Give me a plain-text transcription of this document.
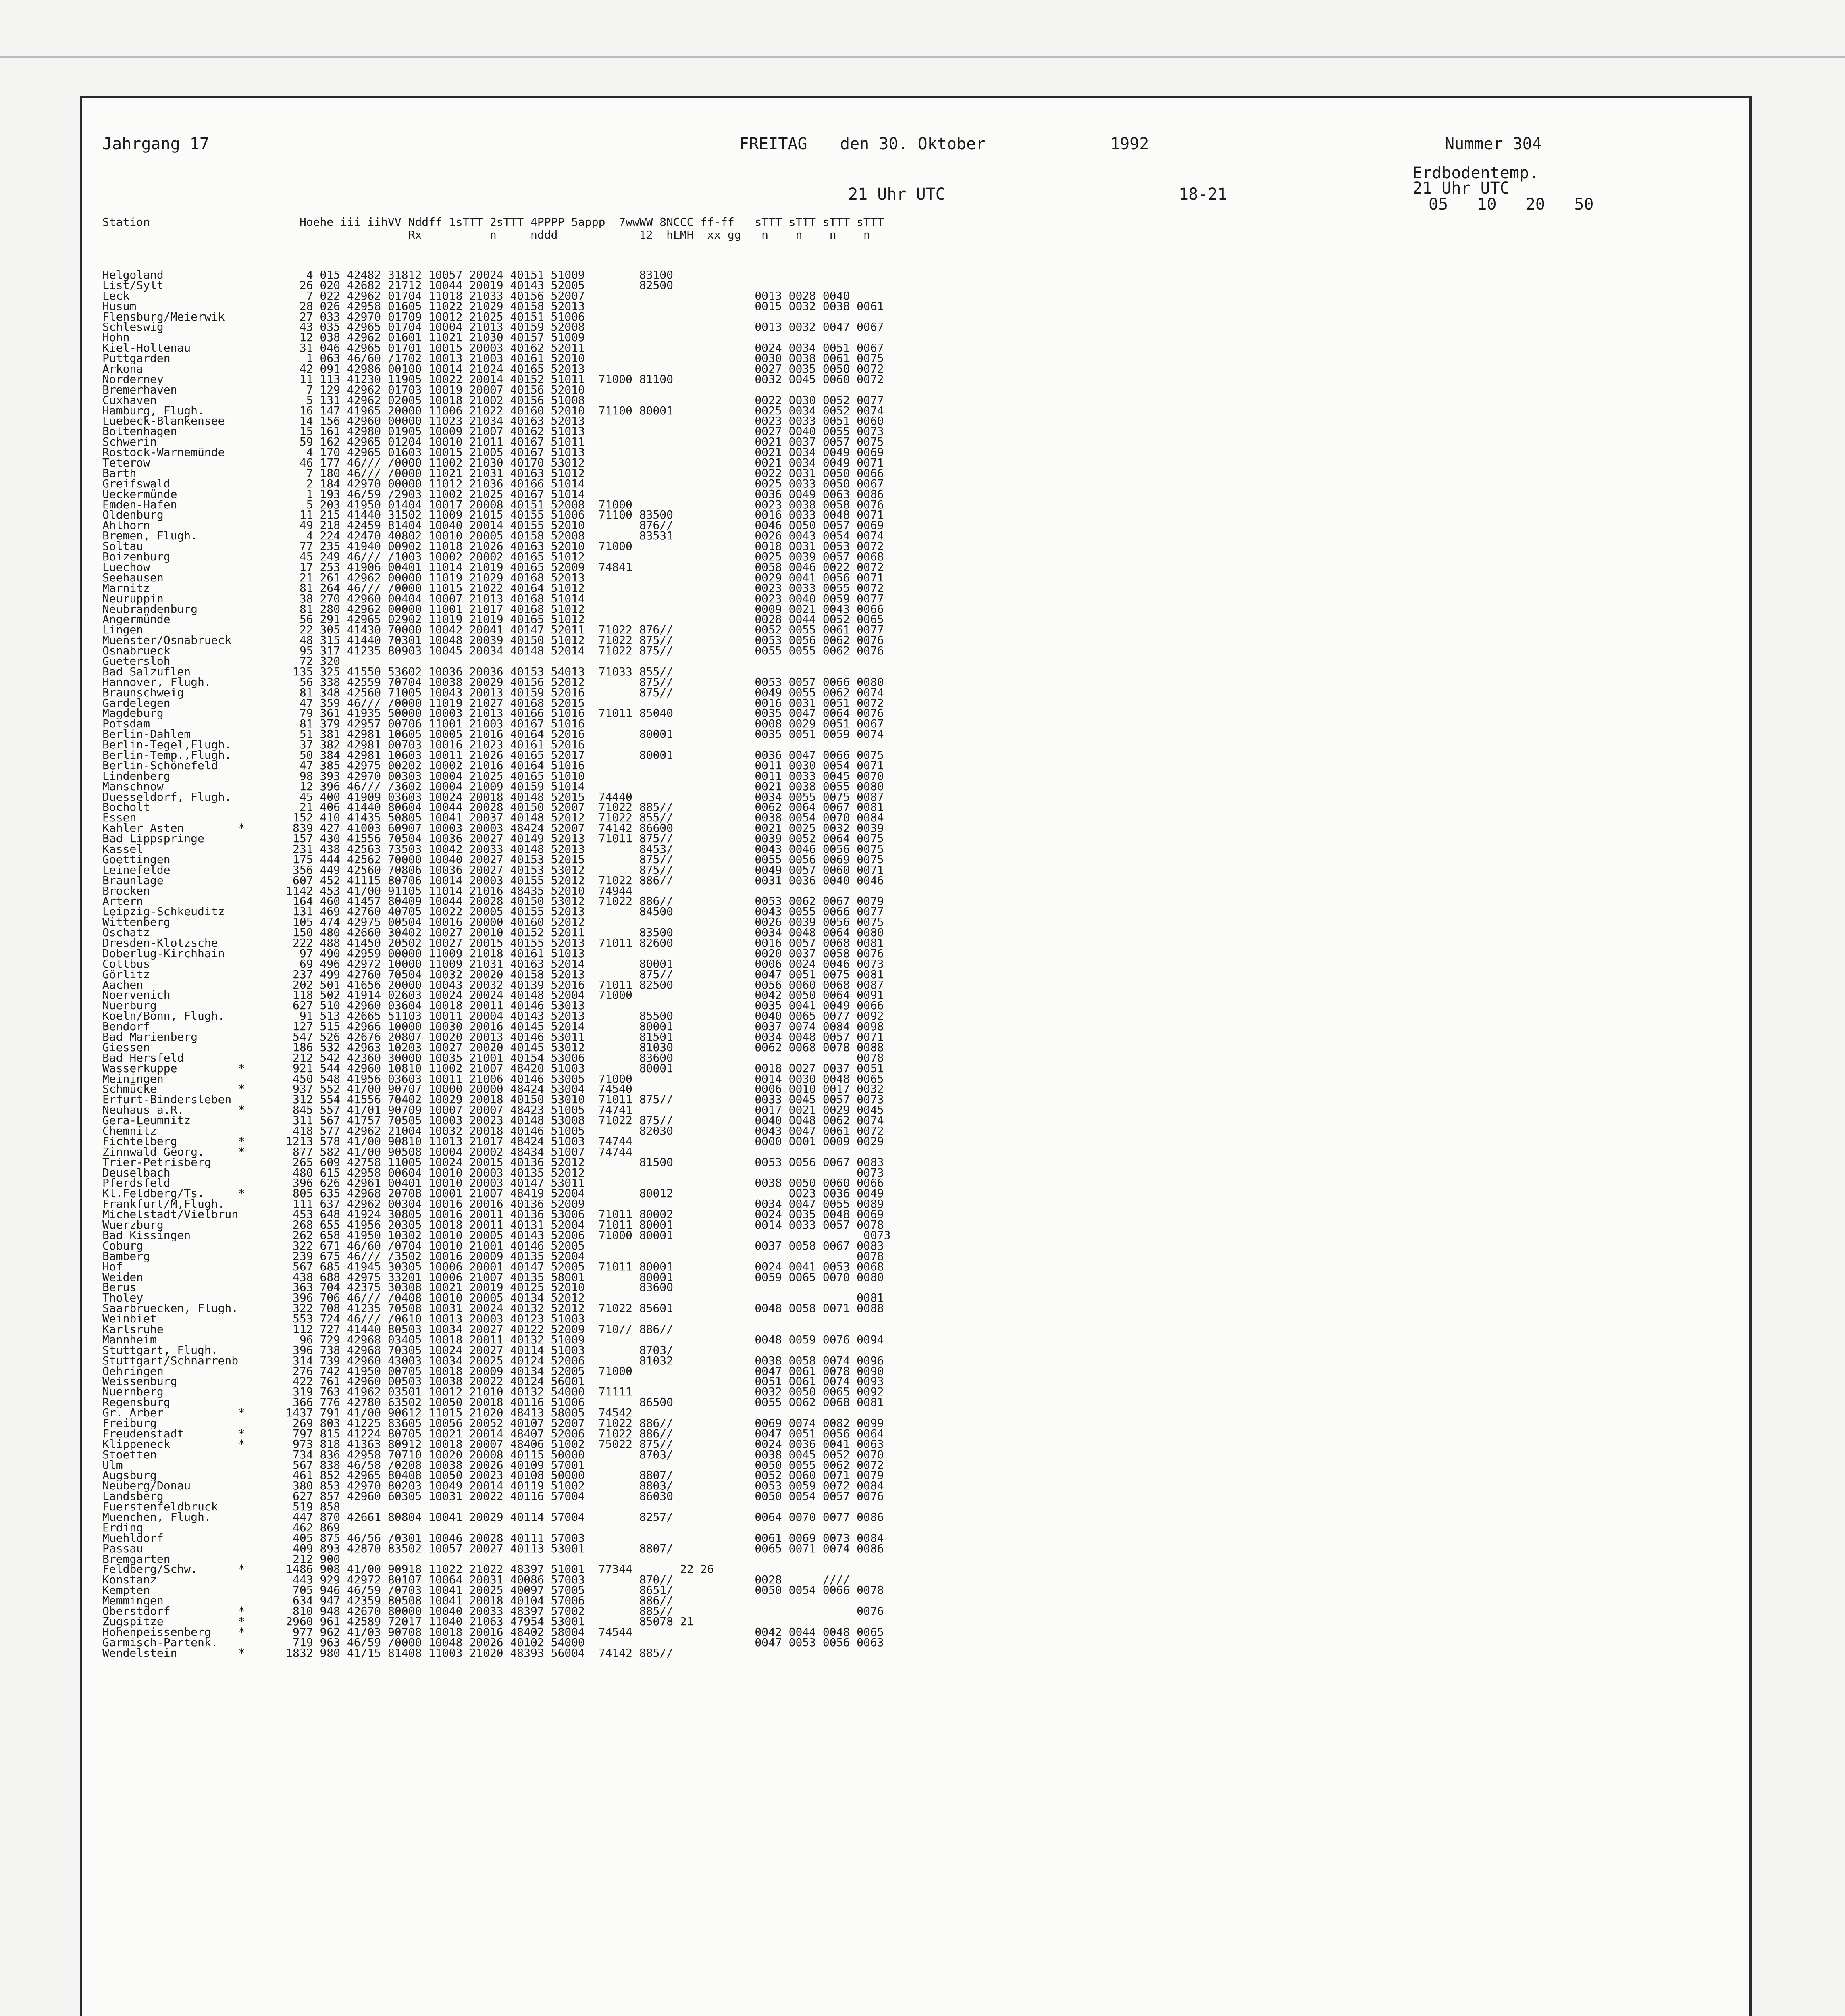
Jahrgang 17	FREITAG den 30. Oktober	1992	Nummer 304
Erdbodentemp.
21 Uhr UTC
21 Uhr UTC	18-21
05   10   20   50
Station                      Hoehe iii iihVV Nddff 1sTTT 2sTTT 4PPPP 5appp  7wwWW 8NCCC ff-ff   sTTT sTTT sTTT sTTT
Rx          n     nddd            12  hLMH  xx gg   n    n    n    n
Helgoland                     4 015 42482 31812 10057 20024 40151 51009        83100
List/Sylt                    26 020 42682 21712 10044 20019 40143 52005        82500
Leck                          7 022 42962 01704 11018 21033 40156 52007                         0013 0028 0040
Husum                        28 026 42958 01605 11022 21029 40158 52013                         0015 0032 0038 0061
Flensburg/Meierwik           27 033 42970 01709 10012 21025 40151 51006
Schleswig                    43 035 42965 01704 10004 21013 40159 52008                         0013 0032 0047 0067
Hohn                         12 038 42962 01601 11021 21030 40157 51009
Kiel-Holtenau                31 046 42965 01701 10015 20003 40162 52011                         0024 0034 0051 0067
Puttgarden                    1 063 46/60 /1702 10013 21003 40161 52010                         0030 0038 0061 0075
Arkona                       42 091 42986 00100 10014 21024 40165 52013                         0027 0035 0050 0072
Norderney                    11 113 41230 11905 10022 20014 40152 51011  71000 81100            0032 0045 0060 0072
Bremerhaven                   7 129 42962 01703 10019 20007 40156 52010
Cuxhaven                      5 131 42962 02005 10018 21002 40156 51008                         0022 0030 0052 0077
Hamburg, Flugh.              16 147 41965 20000 11006 21022 40160 52010  71100 80001            0025 0034 0052 0074
Luebeck-Blankensee           14 156 42960 00000 11023 21034 40163 52013                         0023 0033 0051 0060
Boltenhagen                  15 161 42980 01905 10009 21007 40162 51013                         0027 0040 0055 0073
Schwerin                     59 162 42965 01204 10010 21011 40167 51011                         0021 0037 0057 0075
Rostock-Warnemünde            4 170 42965 01603 10015 21005 40167 51013                         0021 0034 0049 0069
Teterow                      46 177 46/// /0000 11002 21030 40170 53012                         0021 0034 0049 0071
Barth                         7 180 46/// /0000 11021 21031 40163 51012                         0022 0031 0050 0066
Greifswald                    2 184 42970 00000 11012 21036 40166 51014                         0025 0033 0050 0067
Ueckermünde                   1 193 46/59 /2903 11002 21025 40167 51014                         0036 0049 0063 0086
Emden-Hafen                   5 203 41950 01404 10017 20008 40151 52008  71000                  0023 0038 0058 0076
Oldenburg                    11 215 41440 31502 11009 21015 40155 51006  71100 83500            0016 0033 0048 0071
Ahlhorn                      49 218 42459 81404 10040 20014 40155 52010        876//            0046 0050 0057 0069
Bremen, Flugh.                4 224 42470 40802 10010 20005 40158 52008        83531            0026 0043 0054 0074
Soltau                       77 235 41940 00902 11018 21026 40163 52010  71000                  0018 0031 0053 0072
Boizenburg                   45 249 46/// /1003 10002 20002 40165 51012                         0025 0039 0057 0068
Luechow                      17 253 41906 00401 11014 21019 40165 52009  74841                  0058 0046 0022 0072
Seehausen                    21 261 42962 00000 11019 21029 40168 52013                         0029 0041 0056 0071
Marnitz                      81 264 46/// /0000 11015 21022 40164 51012                         0023 0033 0055 0072
Neuruppin                    38 270 42960 00404 10007 21013 40168 51014                         0023 0040 0059 0077
Neubrandenburg               81 280 42962 00000 11001 21017 40168 51012                         0009 0021 0043 0066
Angermünde                   56 291 42965 02902 11019 21019 40165 51012                         0028 0044 0052 0065
Lingen                       22 305 41430 70000 10042 20041 40147 52011  71022 876//            0052 0055 0061 0077
Muenster/Osnabrueck          48 315 41440 70301 10048 20039 40150 51012  71022 875//            0053 0056 0062 0076
Osnabrueck                   95 317 41235 80903 10045 20034 40148 52014  71022 875//            0055 0055 0062 0076
Guetersloh                   72 320
Bad Salzuflen               135 325 41550 53602 10036 20036 40153 54013  71033 855//
Hannover, Flugh.             56 338 42559 70704 10038 20029 40156 52012        875//            0053 0057 0066 0080
Braunschweig                 81 348 42560 71005 10043 20013 40159 52016        875//            0049 0055 0062 0074
Gardelegen                   47 359 46/// /0000 11019 21027 40168 52015                         0016 0031 0051 0072
Magdeburg                    79 361 41935 50000 10003 21013 40166 51016  71011 85040            0035 0047 0064 0076
Potsdam                      81 379 42957 00706 11001 21003 40167 51016                         0008 0029 0051 0067
Berlin-Dahlem                51 381 42981 10605 10005 21016 40164 52016        80001            0035 0051 0059 0074
Berlin-Tegel,Flugh.          37 382 42981 00703 10016 21023 40161 52016
Berlin-Temp.,Flugh.          50 384 42981 10603 10011 21026 40165 52017        80001            0036 0047 0066 0075
Berlin-Schönefeld            47 385 42975 00202 10002 21016 40164 51016                         0011 0030 0054 0071
Lindenberg                   98 393 42970 00303 10004 21025 40165 51010                         0011 0033 0045 0070
Manschnow                    12 396 46/// /3602 10004 21009 40159 51014                         0021 0038 0055 0080
Duesseldorf, Flugh.          45 400 41909 03603 10024 20018 40148 52015  74440                  0034 0055 0075 0087
Bocholt                      21 406 41440 80604 10044 20028 40150 52007  71022 885//            0062 0064 0067 0081
Essen                       152 410 41435 50805 10041 20037 40148 52012  71022 855//            0038 0054 0070 0084
Kahler Asten        *       839 427 41003 60907 10003 20003 48424 52007  74142 86600            0021 0025 0032 0039
Bad Lippspringe             157 430 41556 70504 10036 20027 40149 52013  71011 875//            0039 0052 0064 0075
Kassel                      231 438 42563 73503 10042 20033 40148 52013        8453/            0043 0046 0056 0075
Goettingen                  175 444 42562 70000 10040 20027 40153 52015        875//            0055 0056 0069 0075
Leinefelde                  356 449 42560 70806 10036 20027 40153 53012        875//            0049 0057 0060 0071
Braunlage                   607 452 41115 80706 10014 20003 40155 52012  71022 886//            0031 0036 0040 0046
Brocken                    1142 453 41/00 91105 11014 21016 48435 52010  74944
Artern                      164 460 41457 80409 10044 20028 40150 53012  71022 886//            0053 0062 0067 0079
Leipzig-Schkeuditz          131 469 42760 40705 10022 20005 40155 52013        84500            0043 0055 0066 0077
Wittenberg                  105 474 42975 00504 10016 20000 40160 52012                         0026 0039 0056 0075
Oschatz                     150 480 42660 30402 10027 20010 40152 52011        83500            0034 0048 0064 0080
Dresden-Klotzsche           222 488 41450 20502 10027 20015 40155 52013  71011 82600            0016 0057 0068 0081
Doberlug-Kirchhain           97 490 42959 00000 11009 21018 40161 51013                         0020 0037 0058 0076
Cottbus                      69 496 42972 10000 11009 21031 40163 52014        80001            0006 0024 0046 0073
Görlitz                     237 499 42760 70504 10032 20020 40158 52013        875//            0047 0051 0075 0081
Aachen                      202 501 41656 20000 10043 20032 40139 52016  71011 82500            0056 0060 0068 0087
Noervenich                  118 502 41914 02603 10024 20024 40148 52004  71000                  0042 0050 0064 0091
Nuerburg                    627 510 42960 03604 10018 20011 40146 53013                         0035 0041 0049 0066
Koeln/Bonn, Flugh.           91 513 42665 51103 10011 20004 40143 52013        85500            0040 0065 0077 0092
Bendorf                     127 515 42966 10000 10030 20016 40145 52014        80001            0037 0074 0084 0098
Bad Marienberg              547 526 42676 20807 10020 20013 40146 53011        81501            0034 0048 0057 0071
Giessen                     186 532 42963 10203 10027 20020 40145 53012        81030            0062 0068 0078 0088
Bad Hersfeld                212 542 42360 30000 10035 21001 40154 53006        83600                           0078
Wasserkuppe         *       921 544 42960 10810 11002 21007 48420 51003        80001            0018 0027 0037 0051
Meiningen                   450 548 41956 03603 10011 21006 40146 53005  71000                  0014 0030 0048 0065
Schmücke            *       937 552 41/00 90707 10000 20000 48424 53004  74540                  0006 0010 0017 0032
Erfurt-Bindersleben         312 554 41556 70402 10029 20018 40150 53010  71011 875//            0033 0045 0057 0073
Neuhaus a.R.        *       845 557 41/01 90709 10007 20007 48423 51005  74741                  0017 0021 0029 0045
Gera-Leumnitz               311 567 41757 70505 10003 20023 40148 53008  71022 875//            0040 0048 0062 0074
Chemnitz                    418 577 42962 21004 10032 20018 40146 51005        82030            0043 0047 0061 0072
Fichtelberg         *      1213 578 41/00 90810 11013 21017 48424 51003  74744                  0000 0001 0009 0029
Zinnwald Georg.     *       877 582 41/00 90508 10004 20002 48434 51007  74744
Trier-Petrisberg            265 609 42758 11005 10024 20015 40136 52012        81500            0053 0056 0067 0083
Deuselbach                  480 615 42958 00604 10010 20003 40135 52012                                        0073
Pferdsfeld                  396 626 42961 00401 10010 20003 40147 53011                         0038 0050 0060 0066
Kl.Feldberg/Ts.     *       805 635 42968 20708 10001 21007 48419 52004        80012                 0023 0036 0049
Frankfurt/M,Flugh.          111 637 42962 00304 10016 20016 40136 52009                         0034 0047 0055 0089
Michelstadt/Vielbrun        453 648 41924 30805 10016 20011 40136 53006  71011 80002            0024 0035 0048 0069
Wuerzburg                   268 655 41956 20305 10018 20011 40131 52004  71011 80001            0014 0033 0057 0078
Bad Kissingen               262 658 41950 10302 10010 20005 40143 52006  71000 80001                            0073
Coburg                      322 671 46/60 /0704 10010 21001 40146 52005                         0037 0058 0067 0083
Bamberg                     239 675 46/// /3502 10016 20009 40135 52004                                        0078
Hof                         567 685 41945 30305 10006 20001 40147 52005  71011 80001            0024 0041 0053 0068
Weiden                      438 688 42975 33201 10006 21007 40135 58001        80001            0059 0065 0070 0080
Berus                       363 704 42375 30308 10021 20019 40125 52010        83600
Tholey                      396 706 46/// /0408 10010 20005 40134 52012                                        0081
Saarbruecken, Flugh.        322 708 41235 70508 10031 20024 40132 52012  71022 85601            0048 0058 0071 0088
Weinbiet                    553 724 46/// /0610 10013 20003 40123 51003
Karlsruhe                   112 727 41440 80503 10034 20027 40122 52009  710// 886//
Mannheim                     96 729 42968 03405 10018 20011 40132 51009                         0048 0059 0076 0094
Stuttgart, Flugh.           396 738 42968 70305 10024 20027 40114 51003        8703/
Stuttgart/Schnarrenb        314 739 42960 43003 10034 20025 40124 52006        81032            0038 0058 0074 0096
Oehringen                   276 742 41950 00705 10018 20009 40134 52005  71000                  0047 0061 0078 0090
Weissenburg                 422 761 42960 00503 10038 20022 40124 56001                         0051 0061 0074 0093
Nuernberg                   319 763 41962 03501 10012 21010 40132 54000  71111                  0032 0050 0065 0092
Regensburg                  366 776 42780 63502 10050 20018 40116 51006        86500            0055 0062 0068 0081
Gr. Arber           *      1437 791 41/00 90612 11015 21020 48413 58005  74542
Freiburg                    269 803 41225 83605 10056 20052 40107 52007  71022 886//            0069 0074 0082 0099
Freudenstadt        *       797 815 41224 80705 10021 20014 48407 52006  71022 886//            0047 0051 0056 0064
Klippeneck          *       973 818 41363 80912 10018 20007 48406 51002  75022 875//            0024 0036 0041 0063
Stoetten                    734 836 42958 70710 10020 20008 40115 50000        8703/            0038 0045 0052 0070
Ulm                         567 838 46/58 /0208 10038 20026 40109 57001                         0050 0055 0062 0072
Augsburg                    461 852 42965 80408 10050 20023 40108 50000        8807/            0052 0060 0071 0079
Neuberg/Donau               380 853 42970 80203 10049 20014 40119 51002        8803/            0053 0059 0072 0084
Landsberg                   627 857 42960 60305 10031 20022 40116 57004        86030            0050 0054 0057 0076
Fuerstenfeldbruck           519 858
Muenchen, Flugh.            447 870 42661 80804 10041 20029 40114 57004        8257/            0064 0070 0077 0086
Erding                      462 869
Muehldorf                   405 875 46/56 /0301 10046 20028 40111 57003                         0061 0069 0073 0084
Passau                      409 893 42870 83502 10057 20027 40113 53001        8807/            0065 0071 0074 0086
Bremgarten                  212 900
Feldberg/Schw.      *      1486 908 41/00 90918 11022 21022 48397 51001  77344       22 26
Konstanz                    443 929 42972 80107 10064 20031 40086 57003        870//            0028      ////
Kempten                     705 946 46/59 /0703 10041 20025 40097 57005        8651/            0050 0054 0066 0078
Memmingen                   634 947 42359 80508 10041 20018 40104 57006        886//
Oberstdorf          *       810 948 42670 80000 10040 20033 48397 57002        885//                           0076
Zugspitze           *      2960 961 42589 72017 11040 21063 47954 53001        85078 21
Hohenpeissenberg    *       977 962 41/03 90708 10018 20016 48402 58004  74544                  0042 0044 0048 0065
Garmisch-Partenk.           719 963 46/59 /0000 10048 20026 40102 54000                         0047 0053 0056 0063
Wendelstein         *      1832 980 41/15 81408 11003 21020 48393 56004  74142 885//
